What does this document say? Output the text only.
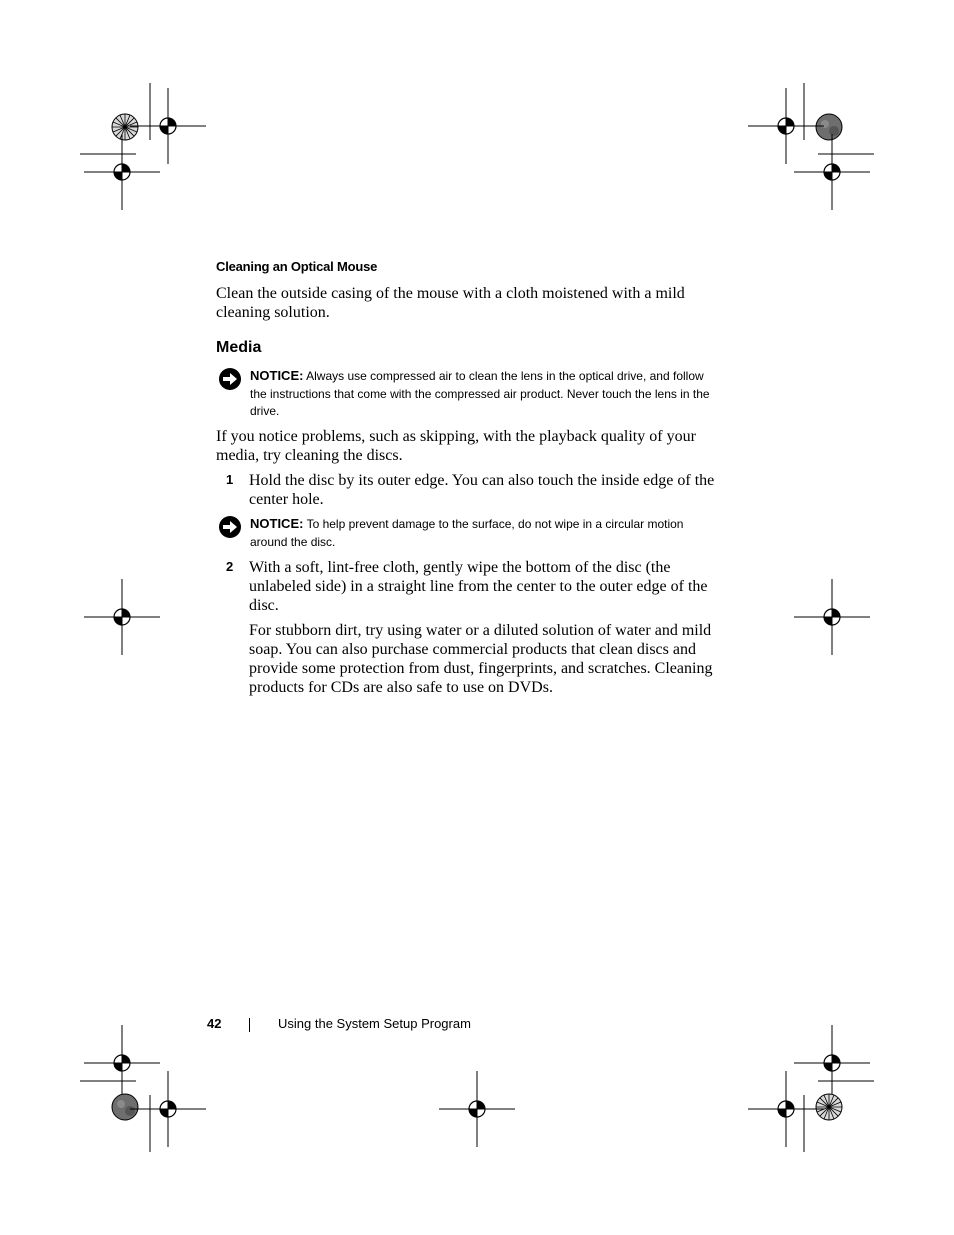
Cleaning an Optical Mouse
Clean the outside casing of the mouse with a cloth moistened with a mild cleaning solution.
Media
NOTICE: Always use compressed air to clean the lens in the optical drive, and follow the instructions that come with the compressed air product. Never touch the lens in the drive.
If you notice problems, such as skipping, with the playback quality of your media, try cleaning the discs.
1 Hold the disc by its outer edge. You can also touch the inside edge of the center hole.
NOTICE: To help prevent damage to the surface, do not wipe in a circular motion around the disc.
2 With a soft, lint-free cloth, gently wipe the bottom of the disc (the unlabeled side) in a straight line from the center to the outer edge of the disc.
For stubborn dirt, try using water or a diluted solution of water and mild soap. You can also purchase commercial products that clean discs and provide some protection from dust, fingerprints, and scratches. Cleaning products for CDs are also safe to use on DVDs.
42	Using the System Setup Program
